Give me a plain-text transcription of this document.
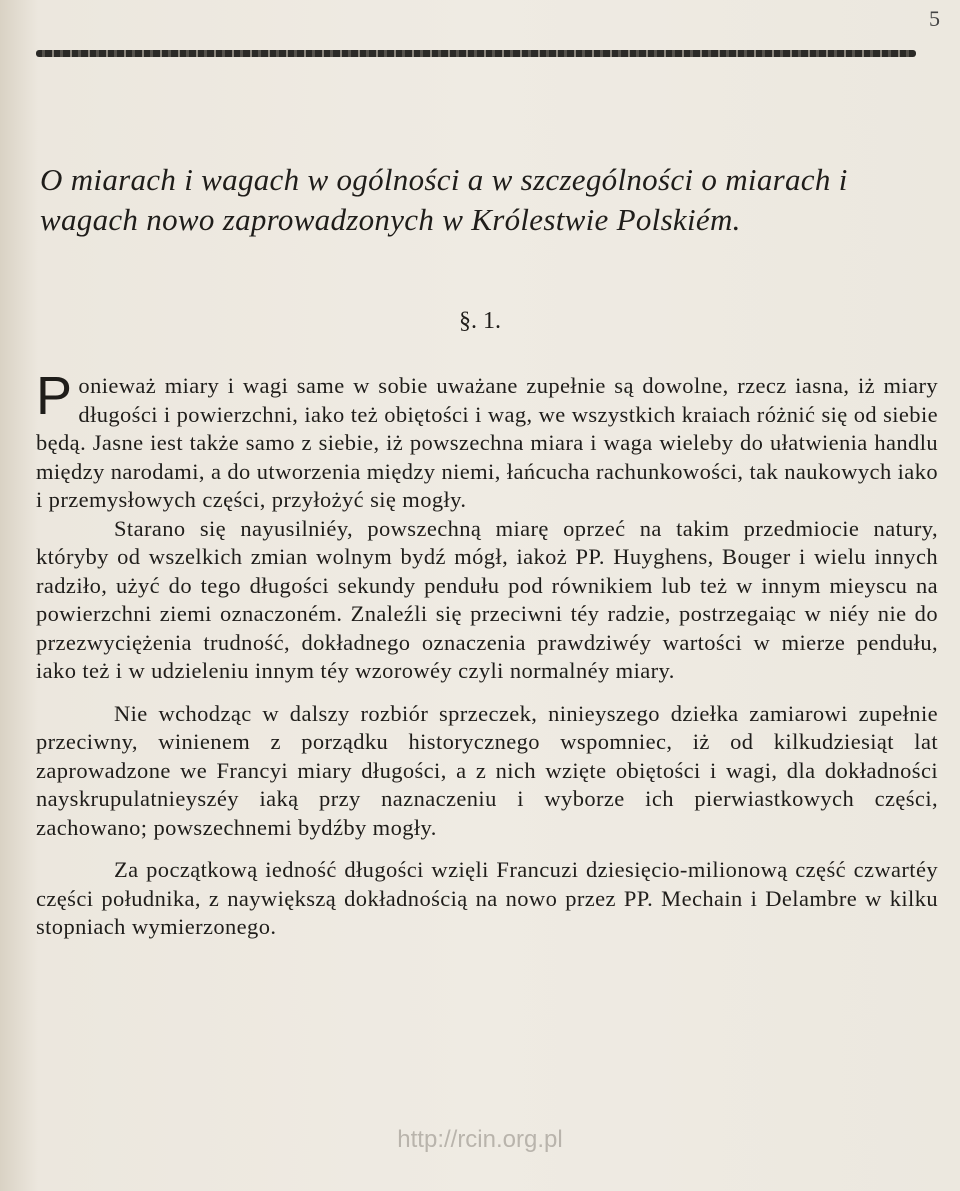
5
O miarach i wagach w ogólności a w szczególności o miarach i wagach nowo zaprowadzonych w Królestwie Polskiém.
§. 1.

Ponieważ miary i wagi same w sobie uważane zupełnie są dowolne, rzecz iasna, iż miary długości i powierzchni, iako też obiętości i wag, we wszystkich kraiach różnić się od siebie będą. Jasne iest także samo z siebie, iż powszechna miara i waga wieleby do ułatwienia handlu między narodami, a do utworzenia między niemi, łańcucha rachunkowości, tak naukowych iako i przemysłowych części, przyłożyć się mogły.

Starano się nayusilniéy, powszechną miarę oprzeć na takim przedmiocie natury, któryby od wszelkich zmian wolnym bydź mógł, iakoż PP. Huyghens, Bouger i wielu innych radziło, użyć do tego długości sekundy pendułu pod równikiem lub też w innym mieyscu na powierzchni ziemi oznaczoném. Znaleźli się przeciwni téy radzie, postrzegaiąc w niéy nie do przezwyciężenia trudność, dokładnego oznaczenia prawdziwéy wartości w mierze pendułu, iako też i w udzieleniu innym téy wzorowéy czyli normalnéy miary.

Nie wchodząc w dalszy rozbiór sprzeczek, ninieyszego dziełka zamiarowi zupełnie przeciwny, winienem z porządku historycznego wspomniec, iż od kilkudziesiąt lat zaprowadzone we Francyi miary długości, a z nich wzięte obiętości i wagi, dla dokładności nayskrupulatnieyszéy iaką przy naznaczeniu i wyborze ich pierwiastkowych części, zachowano; powszechnemi bydźby mogły.

Za początkową iedność długości wzięli Francuzi dziesięcio-milionową część czwartéy części południka, z naywiększą dokładnością na nowo przez PP. Mechain i Delambre w kilku stopniach wymierzonego.

http://rcin.org.pl
